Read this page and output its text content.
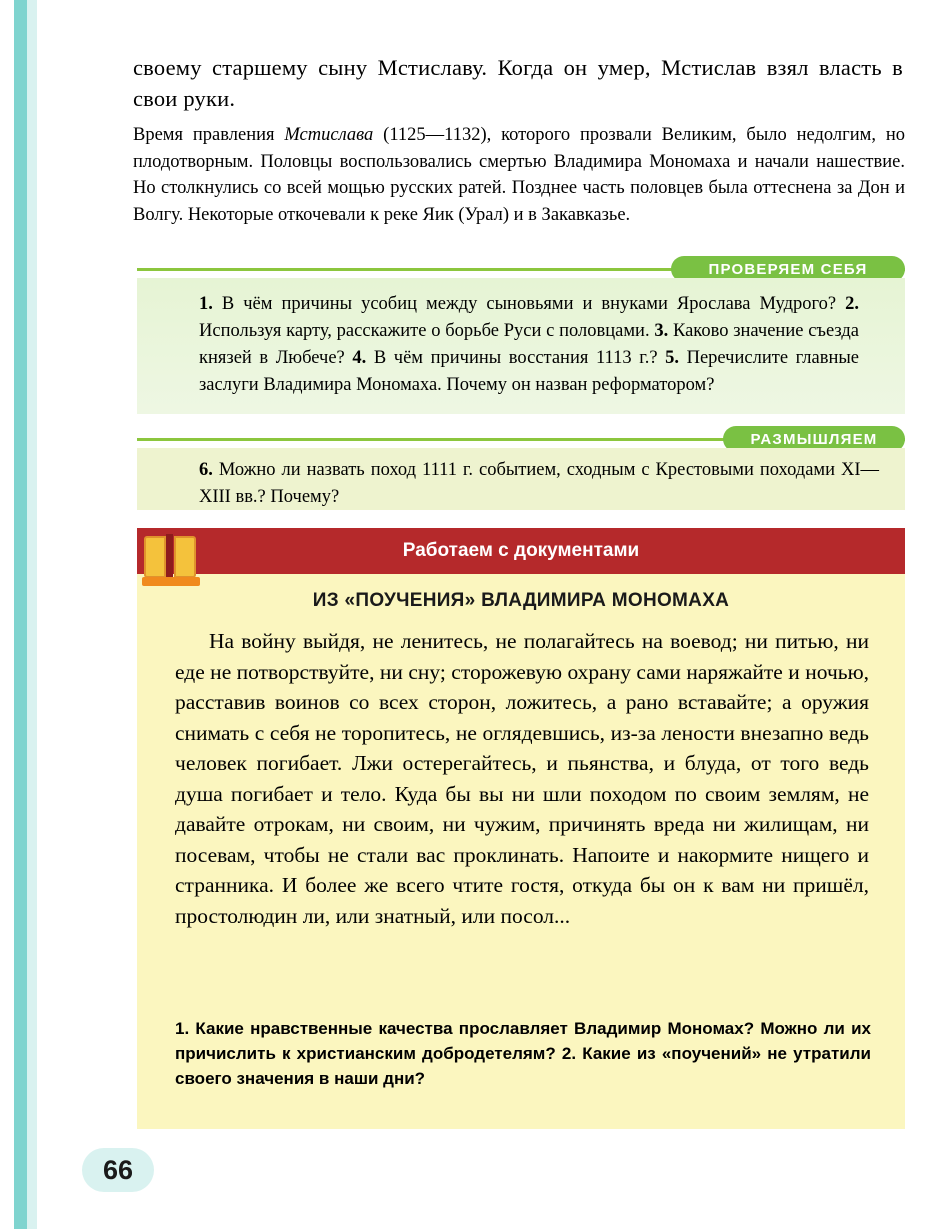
своему старшему сыну Мстиславу. Когда он умер, Мстислав взял власть в свои руки.
Время правления Мстислава (1125—1132), которого прозвали Великим, было недолгим, но плодотворным. Половцы воспользовались смертью Владимира Мономаха и начали нашествие. Но столкнулись со всей мощью русских ратей. Позднее часть половцев была оттеснена за Дон и Волгу. Некоторые откочевали к реке Яик (Урал) и в Закавказье.
ПРОВЕРЯЕМ СЕБЯ
1. В чём причины усобиц между сыновьями и внуками Ярослава Мудрого? 2. Используя карту, расскажите о борьбе Руси с половцами. 3. Каково значение съезда князей в Любече? 4. В чём причины восстания 1113 г.? 5. Перечислите главные заслуги Владимира Мономаха. Почему он назван реформатором?
РАЗМЫШЛЯЕМ
6. Можно ли назвать поход 1111 г. событием, сходным с Крестовыми походами XI—XIII вв.? Почему?
Работаем с документами
ИЗ «ПОУЧЕНИЯ» ВЛАДИМИРА МОНОМАХА
На войну выйдя, не ленитесь, не полагайтесь на воевод; ни питью, ни еде не потворствуйте, ни сну; сторожевую охрану сами наряжайте и ночью, расставив воинов со всех сторон, ложитесь, а рано вставайте; а оружия снимать с себя не торопитесь, не оглядевшись, из-за лености внезапно ведь человек погибает. Лжи остерегайтесь, и пьянства, и блуда, от того ведь душа погибает и тело. Куда бы вы ни шли походом по своим землям, не давайте отрокам, ни своим, ни чужим, причинять вреда ни жилищам, ни посевам, чтобы не стали вас проклинать. Напоите и накормите нищего и странника. И более же всего чтите гостя, откуда бы он к вам ни пришёл, простолюдин ли, или знатный, или посол...
1. Какие нравственные качества прославляет Владимир Мономах? Можно ли их причислить к христианским добродетелям? 2. Какие из «поучений» не утратили своего значения в наши дни?
66
